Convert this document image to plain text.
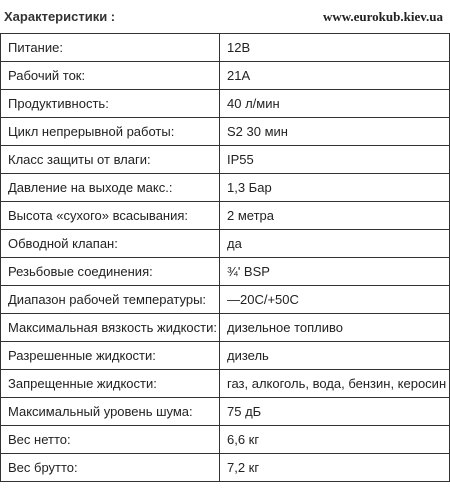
Характеристики :	www.eurokub.kiev.ua
Питание:	12В
Рабочий ток:	21А
Продуктивность:	40 л/мин
Цикл непрерывной работы:	S2 30 мин
Класс защиты от влаги:	IP55
Давление на выходе макс.:	1,3 Бар
Высота «сухого» всасывания:	2 метра
Обводной клапан:	да
Резьбовые соединения:	¾' BSP
Диапазон рабочей температуры:	—20C/+50C
Максимальная вязкость жидкости:	дизельное топливо
Разрешенные жидкости:	дизель
Запрещенные жидкости:	газ, алкоголь, вода, бензин, керосин
Максимальный уровень шума:	75 дБ
Вес нетто:	6,6 кг
Вес брутто:	7,2 кг
